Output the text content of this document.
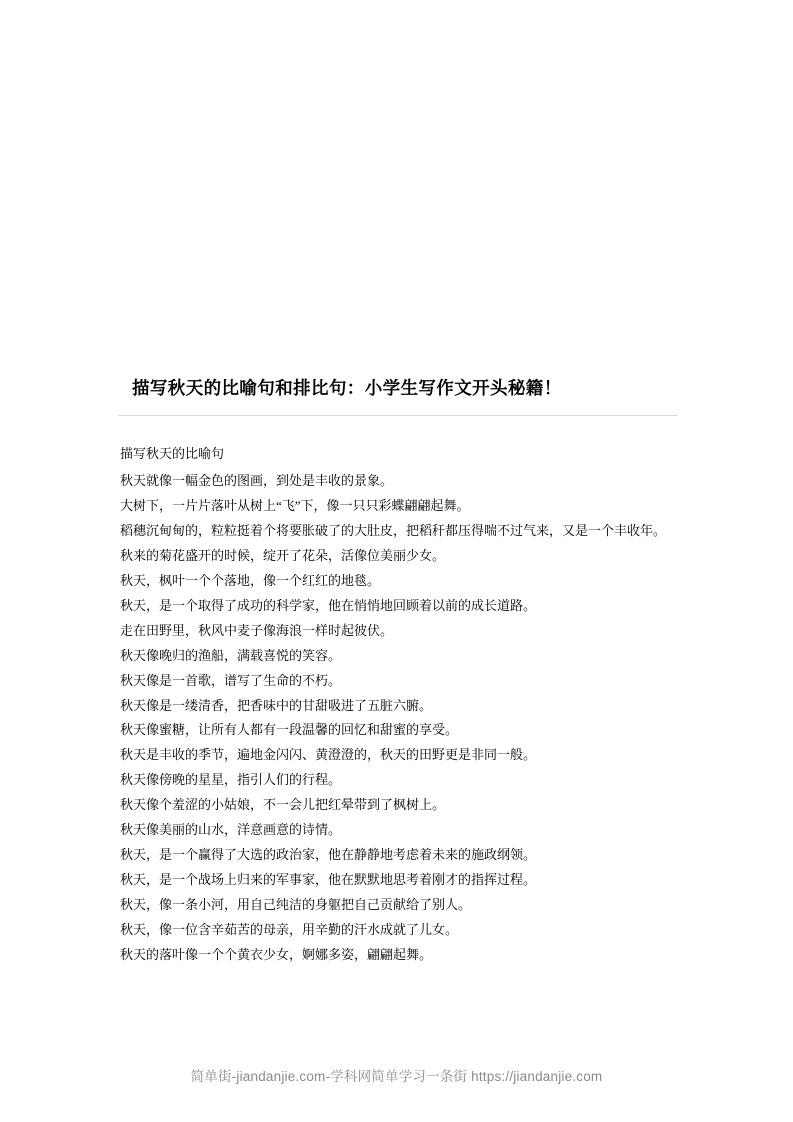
描写秋天的比喻句和排比句：小学生写作文开头秘籍！

描写秋天的比喻句

秋天就像一幅金色的图画，到处是丰收的景象。

大树下，一片片落叶从树上“飞”下，像一只只彩蝶翩翩起舞。

稻穗沉甸甸的，粒粒挺着个将要胀破了的大肚皮，把稻秆都压得喘不过气来，又是一个丰收年。

秋来的菊花盛开的时候，绽开了花朵，活像位美丽少女。

秋天，枫叶一个个落地，像一个红红的地毯。

秋天，是一个取得了成功的科学家，他在悄悄地回顾着以前的成长道路。

走在田野里，秋风中麦子像海浪一样时起彼伏。

秋天像晚归的渔船，满载喜悦的笑容。

秋天像是一首歌，谱写了生命的不朽。

秋天像是一缕清香，把香味中的甘甜吸进了五脏六腑。

秋天像蜜糖，让所有人都有一段温馨的回忆和甜蜜的享受。

秋天是丰收的季节，遍地金闪闪、黄澄澄的，秋天的田野更是非同一般。

秋天像傍晚的星星，指引人们的行程。

秋天像个羞涩的小姑娘，不一会儿把红晕带到了枫树上。

秋天像美丽的山水，洋意画意的诗情。

秋天，是一个赢得了大选的政治家，他在静静地考虑着未来的施政纲领。

秋天，是一个战场上归来的军事家，他在默默地思考着刚才的指挥过程。

秋天，像一条小河，用自己纯洁的身躯把自己贡献给了别人。

秋天，像一位含辛茹苦的母亲，用辛勤的汗水成就了儿女。

秋天的落叶像一个个黄衣少女，婀娜多姿，翩翩起舞。

简单街-jiandanjie.com-学科网简单学习一条街 https://jiandanjie.com
